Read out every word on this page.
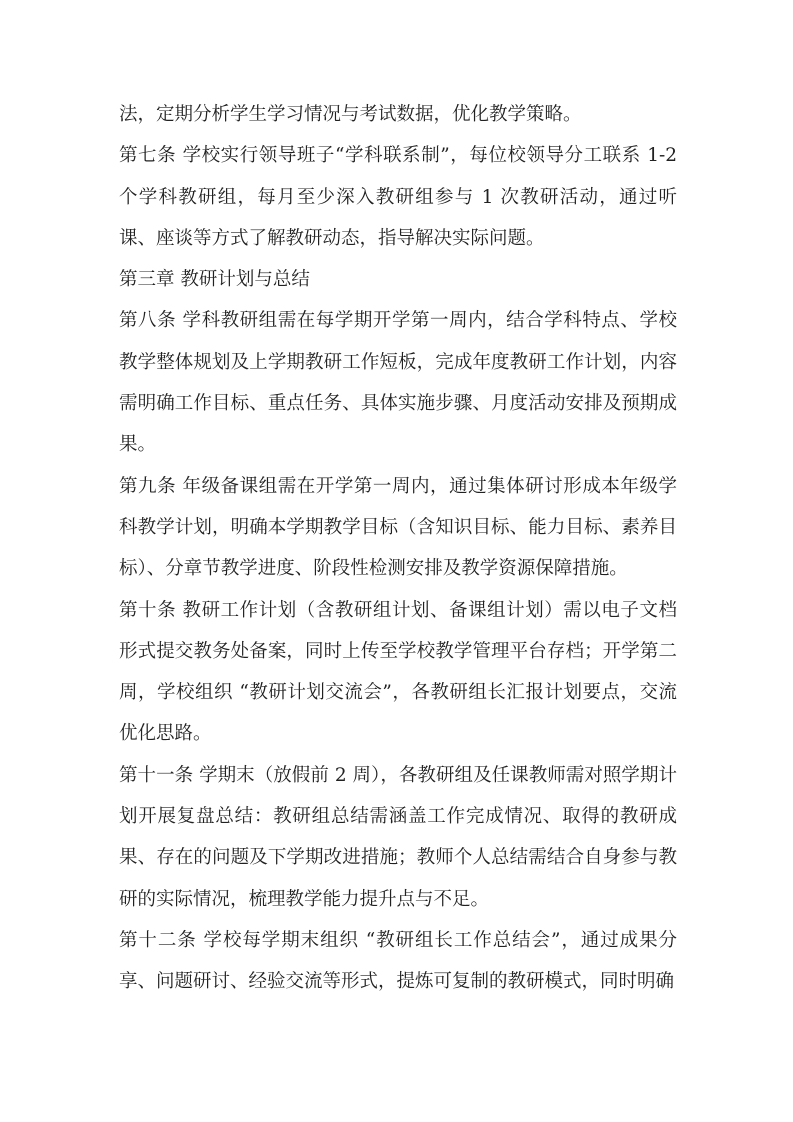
法，定期分析学生学习情况与考试数据，优化教学策略。

第七条 学校实行领导班子“学科联系制”，每位校领导分工联系 1-2 个学科教研组，每月至少深入教研组参与 1 次教研活动，通过听课、座谈等方式了解教研动态，指导解决实际问题。

第三章 教研计划与总结

第八条 学科教研组需在每学期开学第一周内，结合学科特点、学校教学整体规划及上学期教研工作短板，完成年度教研工作计划，内容需明确工作目标、重点任务、具体实施步骤、月度活动安排及预期成果。

第九条 年级备课组需在开学第一周内，通过集体研讨形成本年级学科教学计划，明确本学期教学目标（含知识目标、能力目标、素养目标）、分章节教学进度、阶段性检测安排及教学资源保障措施。

第十条 教研工作计划（含教研组计划、备课组计划）需以电子文档形式提交教务处备案，同时上传至学校教学管理平台存档；开学第二周，学校组织 “教研计划交流会”，各教研组长汇报计划要点，交流优化思路。

第十一条 学期末（放假前 2 周），各教研组及任课教师需对照学期计划开展复盘总结：教研组总结需涵盖工作完成情况、取得的教研成果、存在的问题及下学期改进措施；教师个人总结需结合自身参与教研的实际情况，梳理教学能力提升点与不足。

第十二条 学校每学期末组织 “教研组长工作总结会”，通过成果分享、问题研讨、经验交流等形式，提炼可复制的教研模式，同时明确
